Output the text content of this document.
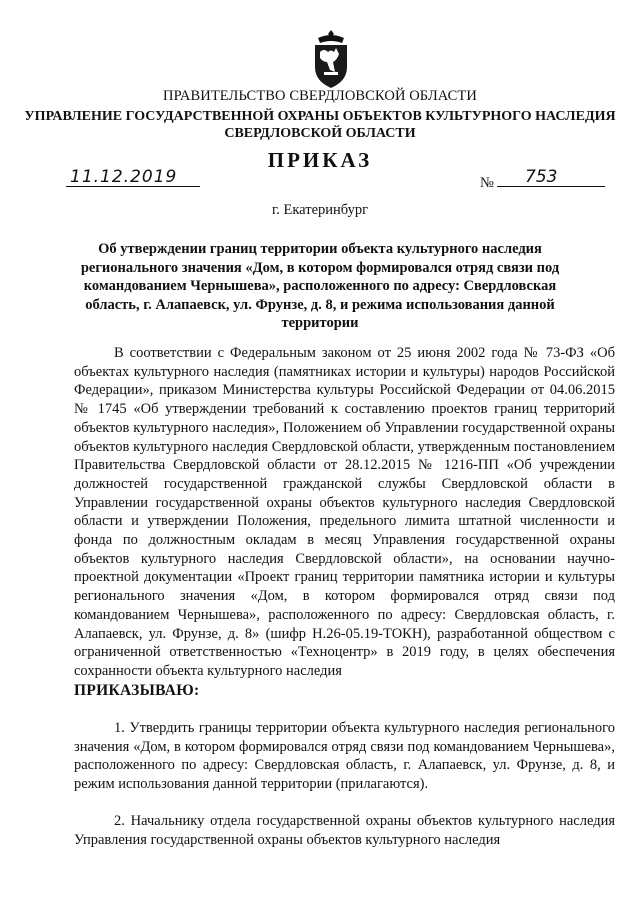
ПРАВИТЕЛЬСТВО СВЕРДЛОВСКОЙ ОБЛАСТИ
УПРАВЛЕНИЕ ГОСУДАРСТВЕННОЙ ОХРАНЫ ОБЪЕКТОВ КУЛЬТУРНОГО НАСЛЕДИЯ СВЕРДЛОВСКОЙ ОБЛАСТИ
ПРИКАЗ
11.12.2019	№	753
г. Екатеринбург
Об утверждении границ территории объекта культурного наследия регионального значения «Дом, в котором формировался отряд связи под командованием Чернышева», расположенного по адресу: Свердловская область, г. Алапаевск, ул. Фрунзе, д. 8, и режима использования данной территории
В соответствии с Федеральным законом от 25 июня 2002 года № 73-ФЗ «Об объектах культурного наследия (памятниках истории и культуры) народов Российской Федерации», приказом Министерства культуры Российской Федерации от 04.06.2015 № 1745 «Об утверждении требований к составлению проектов границ территорий объектов культурного наследия», Положением об Управлении государственной охраны объектов культурного наследия Свердловской области, утвержденным постановлением Правительства Свердловской области от 28.12.2015 № 1216-ПП «Об учреждении должностей государственной гражданской службы Свердловской области в Управлении государственной охраны объектов культурного наследия Свердловской области и утверждении Положения, предельного лимита штатной численности и фонда по должностным окладам в месяц Управления государственной охраны объектов культурного наследия Свердловской области», на основании научно-проектной документации «Проект границ территории памятника истории и культуры регионального значения «Дом, в котором формировался отряд связи под командованием Чернышева», расположенного по адресу: Свердловская область, г. Алапаевск, ул. Фрунзе, д. 8» (шифр Н.26-05.19-ТОКН), разработанной обществом с ограниченной ответственностью «Техноцентр» в 2019 году, в целях обеспечения сохранности объекта культурного наследия
ПРИКАЗЫВАЮ:
1. Утвердить границы территории объекта культурного наследия регионального значения «Дом, в котором формировался отряд связи под командованием Чернышева», расположенного по адресу: Свердловская область, г. Алапаевск, ул. Фрунзе, д. 8, и режим использования данной территории (прилагаются).
2. Начальнику отдела государственной охраны объектов культурного наследия Управления государственной охраны объектов культурного наследия
